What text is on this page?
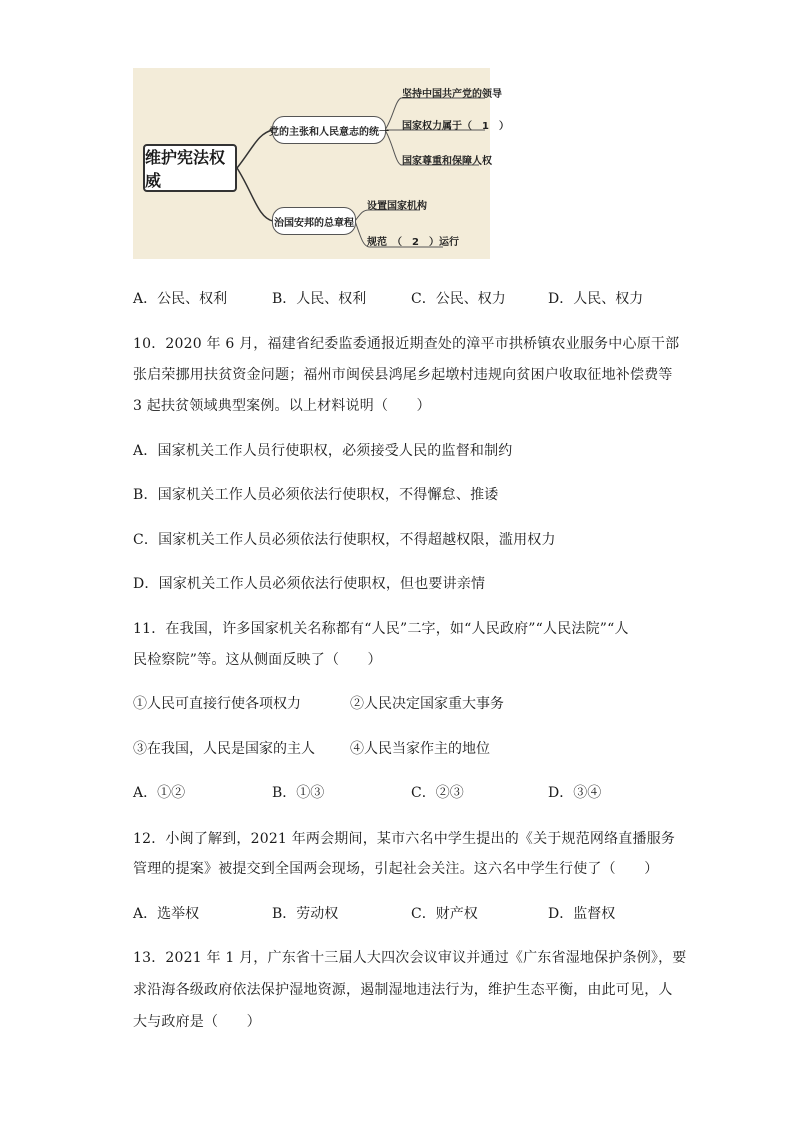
维护宪法权威
党的主张和人民意志的统一
治国安邦的总章程
坚持中国共产党的领导
国家权力属于（　1　）
国家尊重和保障人权
设置国家机构
规范　（　2　）运行
A．公民、权利	B．人民、权利	C．公民、权力	D．人民、权力
10．2020 年 6 月，福建省纪委监委通报近期查处的漳平市拱桥镇农业服务中心原干部
张启荣挪用扶贫资金问题；福州市闽侯县鸿尾乡起墩村违规向贫困户收取征地补偿费等
3 起扶贫领域典型案例。以上材料说明（　　）
A．国家机关工作人员行使职权，必须接受人民的监督和制约
B．国家机关工作人员必须依法行使职权，不得懈怠、推诿
C．国家机关工作人员必须依法行使职权，不得超越权限，滥用权力
D．国家机关工作人员必须依法行使职权，但也要讲亲情
11．在我国，许多国家机关名称都有“人民”二字，如“人民政府”“人民法院”“人
民检察院”等。这从侧面反映了（　　）
①人民可直接行使各项权力	②人民决定国家重大事务
③在我国，人民是国家的主人	④人民当家作主的地位
A．①②	B．①③	C．②③	D．③④
12．小闽了解到，2021 年两会期间，某市六名中学生提出的《关于规范网络直播服务
管理的提案》被提交到全国两会现场，引起社会关注。这六名中学生行使了（　　）
A．选举权	B．劳动权	C．财产权	D．监督权
13．2021 年 1 月，广东省十三届人大四次会议审议并通过《广东省湿地保护条例》，要
求沿海各级政府依法保护湿地资源，遏制湿地违法行为，维护生态平衡，由此可见，人
大与政府是（　　）
